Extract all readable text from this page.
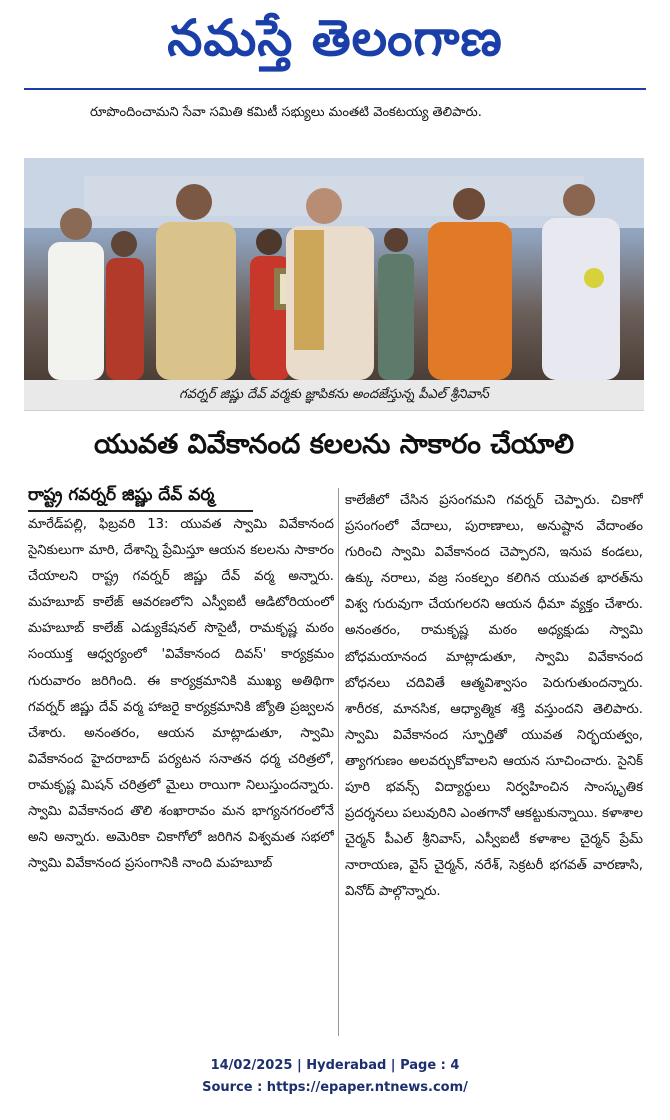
నమస్తే తెలంగాణ
రూపొందించామని సేవా సమితి కమిటీ సభ్యులు మంతటి వెంకటయ్య తెలిపారు.
గవర్నర్ జిష్ణు దేవ్ వర్మకు జ్ఞాపికను అందజేస్తున్న పీఎల్ శ్రీనివాస్
యువత వివేకానంద కలలను సాకారం చేయాలి
రాష్ట్ర గవర్నర్ జిష్ణు దేవ్ వర్మ

మారేడ్‌పల్లి, ఫిబ్రవరి 13: యువత స్వామి వివేకానంద సైనికులుగా మారి, దేశాన్ని ప్రేమిస్తూ ఆయన కలలను సాకారం చేయాలని రాష్ట్ర గవర్నర్ జిష్ణు దేవ్ వర్మ అన్నారు. మహబూబ్ కాలేజ్ ఆవరణలోని ఎస్వీఐటీ ఆడిటోరియంలో మహబూబ్ కాలేజ్ ఎడ్యుకేషనల్ సొసైటీ, రామకృష్ణ మఠం సంయుక్త ఆధ్వర్యంలో 'వివేకానంద దివస్' కార్యక్రమం గురువారం జరిగింది. ఈ కార్యక్రమానికి ముఖ్య అతిథిగా గవర్నర్ జిష్ణు దేవ్ వర్మ హాజరై కార్యక్రమానికి జ్యోతి ప్రజ్వలన చేశారు. అనంతరం, ఆయన మాట్లాడుతూ, స్వామి వివేకానంద హైదరాబాద్ పర్యటన సనాతన ధర్మ చరిత్రలో, రామకృష్ణ మిషన్ చరిత్రలో మైలు రాయిగా నిలుస్తుందన్నారు. స్వామి వివేకానంద తొలి శంఖారావం మన భాగ్యనగరంలోనే అని అన్నారు. అమెరికా చికాగోలో జరిగిన విశ్వమత సభలో స్వామి వివేకానంద ప్రసంగానికి నాంది మహబూబ్

కాలేజీలో చేసిన ప్రసంగమని గవర్నర్ చెప్పారు. చికాగో ప్రసంగంలో వేదాలు, పురాణాలు, అనుష్టాన వేదాంతం గురించి స్వామి వివేకానంద చెప్పారని, ఇనుప కండలు, ఉక్కు నరాలు, వజ్ర సంకల్పం కలిగిన యువత భారత్‌ను విశ్వ గురువుగా చేయగలరని ఆయన ధీమా వ్యక్తం చేశారు. అనంతరం, రామకృష్ణ మఠం అధ్యక్షుడు స్వామి బోధమయానంద మాట్లాడుతూ, స్వామి వివేకానంద బోధనలు చదివితే ఆత్మవిశ్వాసం పెరుగుతుందన్నారు. శారీరక, మానసిక, ఆధ్యాత్మిక శక్తి వస్తుందని తెలిపారు. స్వామి వివేకానంద స్ఫూర్తితో యువత నిర్భయత్వం, త్యాగగుణం అలవర్చుకోవాలని ఆయన సూచించారు. సైనిక్ పూరి భవన్స్ విద్యార్థులు నిర్వహించిన సాంస్కృతిక ప్రదర్శనలు పలువురిని ఎంతగానో ఆకట్టుకున్నాయి. కళాశాల చైర్మన్ పీఎల్ శ్రీనివాస్, ఎస్వీఐటీ కళాశాల చైర్మన్ ప్రేమ్ నారాయణ, వైస్ చైర్మన్, నరేశ్, సెక్రటరీ భగవత్ వారణాసి, వినోద్ పాల్గొన్నారు.

14/02/2025 | Hyderabad | Page : 4
Source : https://epaper.ntnews.com/
